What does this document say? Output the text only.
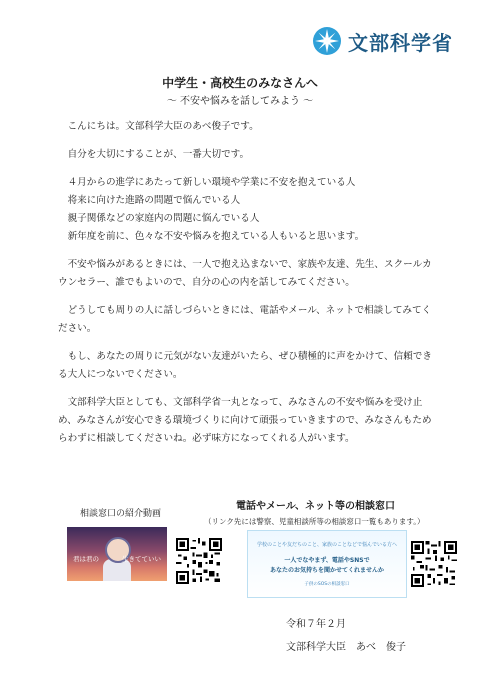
文部科学省
中学生・高校生のみなさんへ
〜 不安や悩みを話してみよう 〜

こんにちは。文部科学大臣のあべ俊子です。

自分を大切にすることが、一番大切です。

４月からの進学にあたって新しい環境や学業に不安を抱えている人
将来に向けた進路の問題で悩んでいる人
親子関係などの家庭内の問題に悩んでいる人
新年度を前に、色々な不安や悩みを抱えている人もいると思います。

不安や悩みがあるときには、一人で抱え込まないで、家族や友達、先生、スクールカウンセラー、誰でもよいので、自分の心の内を話してみてください。

どうしても周りの人に話しづらいときには、電話やメール、ネットで相談してみてください。

もし、あなたの周りに元気がない友達がいたら、ぜひ積極的に声をかけて、信頼できる大人につないでください。

文部科学大臣としても、文部科学省一丸となって、みなさんの不安や悩みを受け止め、みなさんが安心できる環境づくりに向けて頑張っていきますので、みなさんもためらわずに相談してくださいね。必ず味方になってくれる人がいます。

相談窓口の紹介動画
電話やメール、ネット等の相談窓口
（リンク先には警察、児童相談所等の相談窓口一覧もあります。）
君は君の	生きてていい
学校のことや友だちのこと、家族のことなどで悩んでいる方へ
一人でなやまず、電話やSNSで
あなたのお気持ちを聞かせてくれませんか
子供のSOSの相談窓口
令和７年２月
文部科学大臣　あべ　俊子
